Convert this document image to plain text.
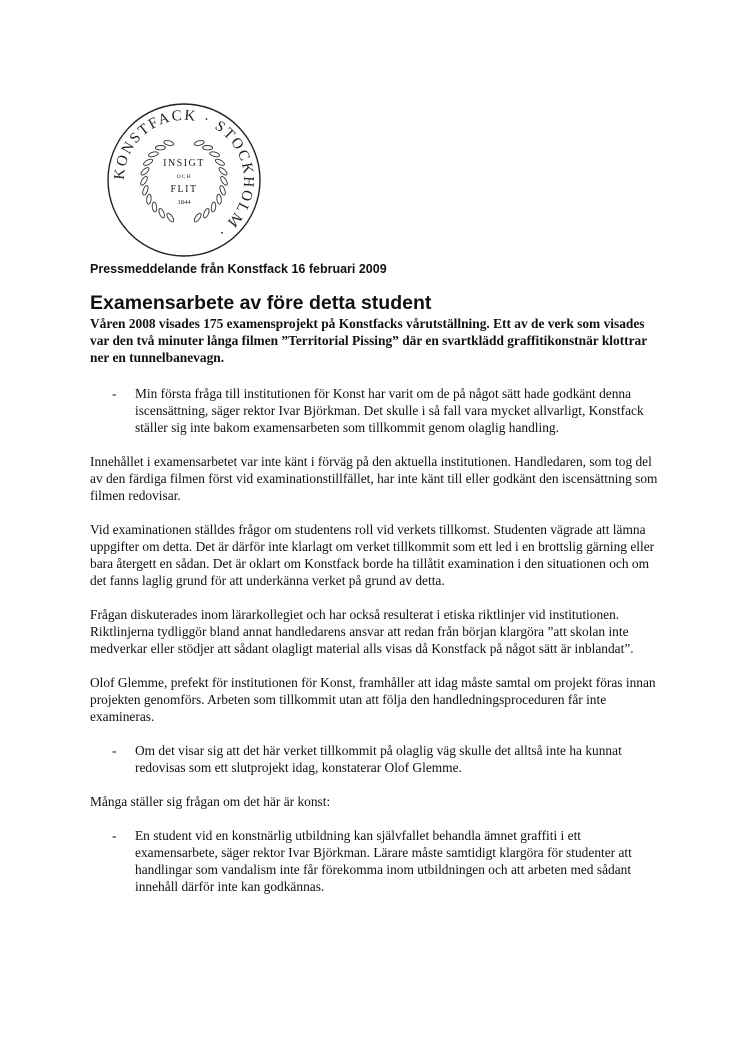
KONSTFACK · STOCKHOLM ·
INSIGT
OCH
FLIT
1844

Pressmeddelande från Konstfack 16 februari 2009

Examensarbete av före detta student

Våren 2008 visades 175 examensprojekt på Konstfacks vårutställning. Ett av de verk som visades var den två minuter långa filmen ”Territorial Pissing” där en svartklädd graffitikonstnär klottrar ner en tunnelbanevagn.

- Min första fråga till institutionen för Konst har varit om de på något sätt hade godkänt denna iscensättning, säger rektor Ivar Björkman. Det skulle i så fall vara mycket allvarligt, Konstfack ställer sig inte bakom examensarbeten som tillkommit genom olaglig handling.

Innehållet i examensarbetet var inte känt i förväg på den aktuella institutionen. Handledaren, som tog del av den färdiga filmen först vid examinationstillfället, har inte känt till eller godkänt den iscensättning som filmen redovisar.

Vid examinationen ställdes frågor om studentens roll vid verkets tillkomst. Studenten vägrade att lämna uppgifter om detta. Det är därför inte klarlagt om verket tillkommit som ett led i en brottslig gärning eller bara återgett en sådan. Det är oklart om Konstfack borde ha tillåtit examination i den situationen och om det fanns laglig grund för att underkänna verket på grund av detta.

Frågan diskuterades inom lärarkollegiet och har också resulterat i etiska riktlinjer vid institutionen. Riktlinjerna tydliggör bland annat handledarens ansvar att redan från början klargöra ”att skolan inte medverkar eller stödjer att sådant olagligt material alls visas då Konstfack på något sätt är inblandat”.

Olof Glemme, prefekt för institutionen för Konst, framhåller att idag måste samtal om projekt föras innan projekten genomförs. Arbeten som tillkommit utan att följa den handledningsproceduren får inte examineras.

- Om det visar sig att det här verket tillkommit på olaglig väg skulle det alltså inte ha kunnat redovisas som ett slutprojekt idag, konstaterar Olof Glemme.

Många ställer sig frågan om det här är konst:

- En student vid en konstnärlig utbildning kan självfallet behandla ämnet graffiti i ett examensarbete, säger rektor Ivar Björkman. Lärare måste samtidigt klargöra för studenter att handlingar som vandalism inte får förekomma inom utbildningen och att arbeten med sådant innehåll därför inte kan godkännas.
